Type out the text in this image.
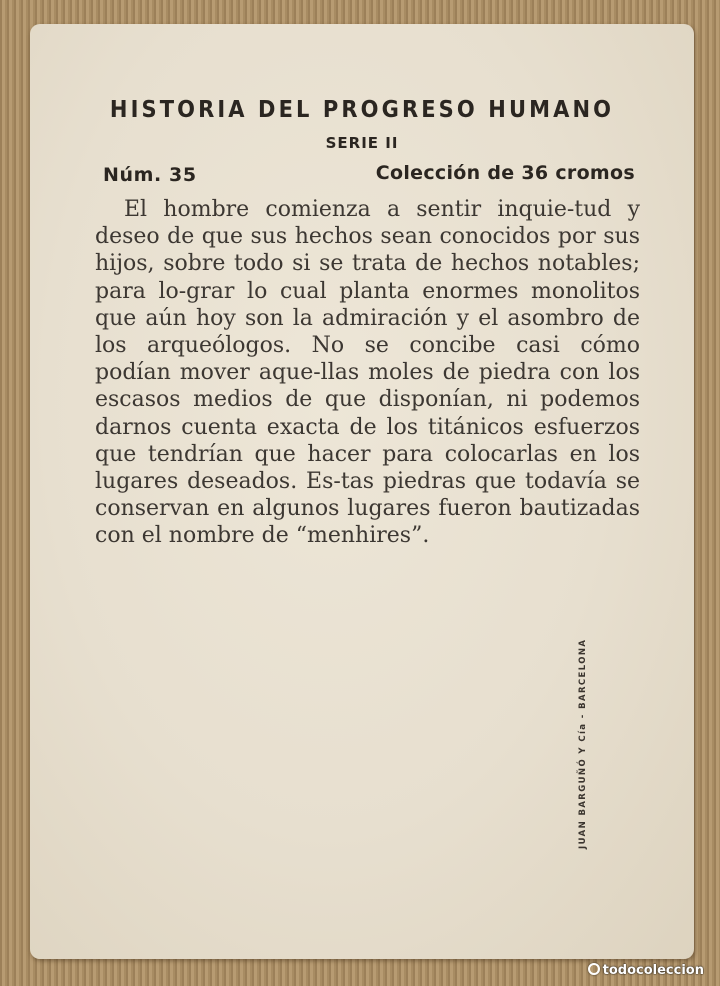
HISTORIA DEL PROGRESO HUMANO
SERIE II
Núm. 35	Colección de 36 cromos

El hombre comienza a sentir inquie-tud y deseo de que sus hechos sean conocidos por sus hijos, sobre todo si se trata de hechos notables; para lo-grar lo cual planta enormes monolitos que aún hoy son la admiración y el asombro de los arqueólogos. No se concibe casi cómo podían mover aque-llas moles de piedra con los escasos medios de que disponían, ni podemos darnos cuenta exacta de los titánicos esfuerzos que tendrían que hacer para colocarlas en los lugares deseados. Es-tas piedras que todavía se conservan en algunos lugares fueron bautizadas con el nombre de “menhires”.

JUAN BARGUÑÓ Y Cía - BARCELONA
todocoleccion
